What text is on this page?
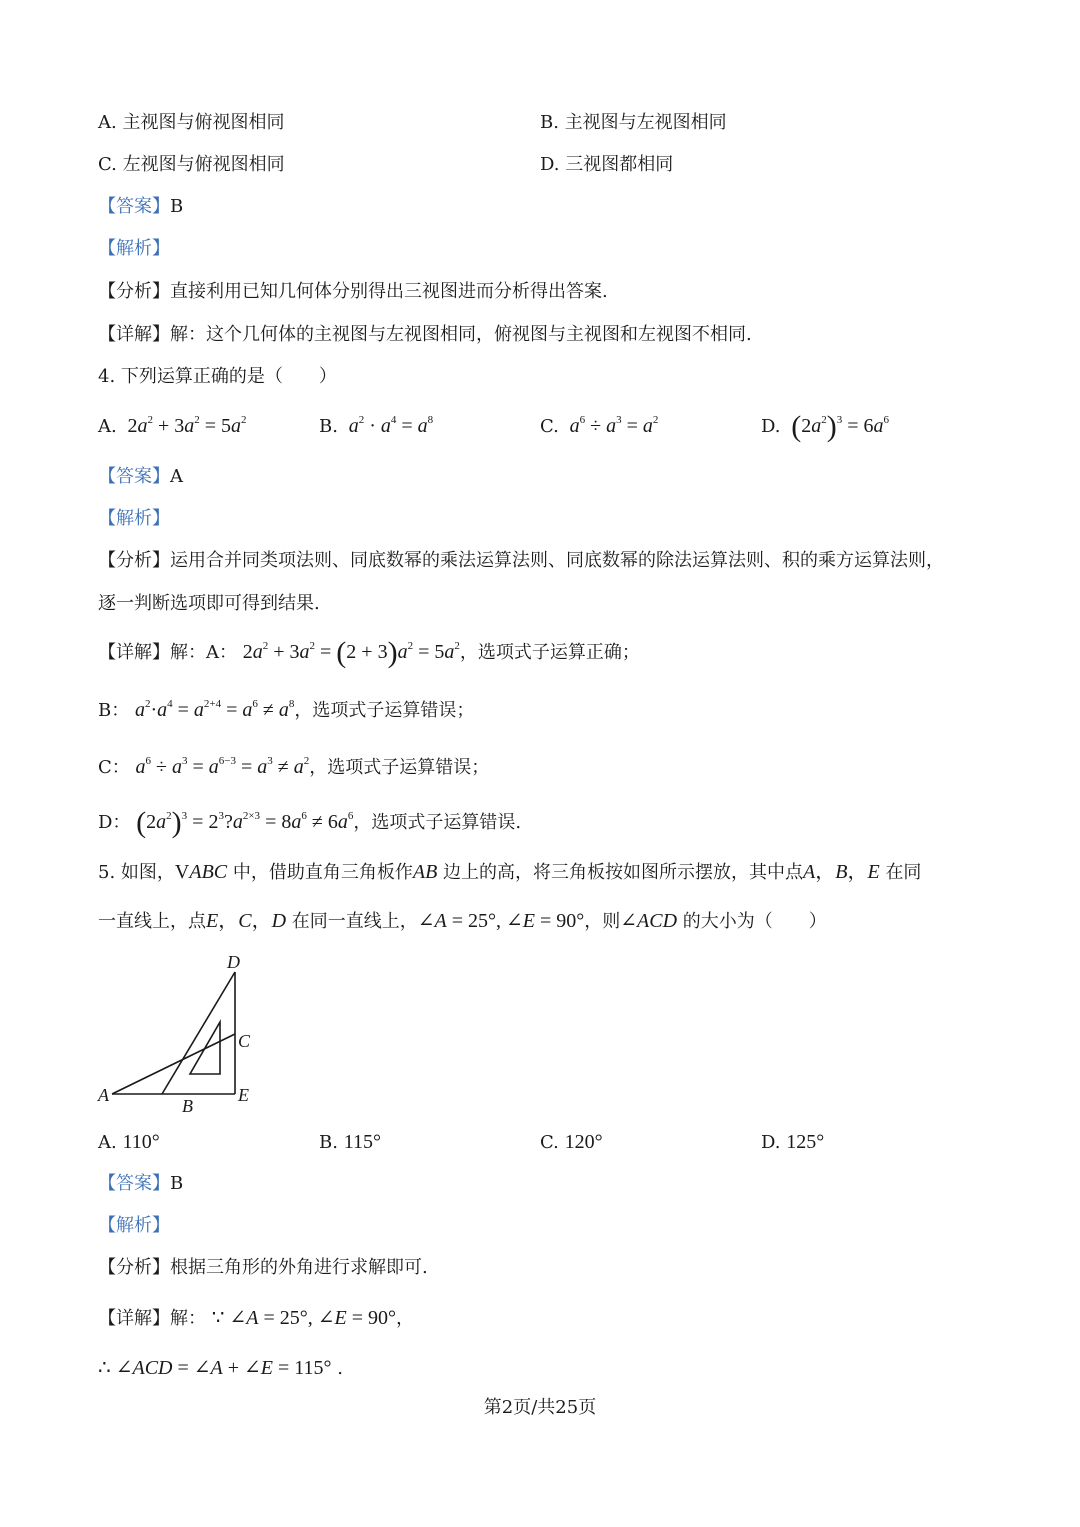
A. 主视图与俯视图相同	B. 主视图与左视图相同
C. 左视图与俯视图相同	D. 三视图都相同
【答案】B
【解析】
【分析】直接利用已知几何体分别得出三视图进而分析得出答案.
【详解】解：这个几何体的主视图与左视图相同，俯视图与主视图和左视图不相同.
4. 下列运算正确的是（　　）
A.  $2a^2 + 3a^2 = 5a^2$	B. $a^2 \cdot a^4 = a^8$	C. $a^6 \div a^3 = a^2$	D. $(2a^2)^3 = 6a^6$
【答案】A
【解析】
【分析】运用合并同类项法则、同底数幂的乘法运算法则、同底数幂的除法运算法则、积的乘方运算法则，
逐一判断选项即可得到结果.
【详解】解：A： $2a^2 + 3a^2 = (2 + 3)a^2 = 5a^2$，选项式子运算正确；
B： $a^2\cdot a^4 = a^{2+4} = a^6 \ne a^8$，选项式子运算错误；
C： $a^6 \div a^3 = a^{6-3} = a^3 \ne a^2$，选项式子运算错误；
D： $(2a^2)^3$ = $2^3?a^{2\times 3} = 8a^6 \ne 6a^6$，选项式子运算错误.
5. 如图，VABC 中，借助直角三角板作AB 边上的高，将三角板按如图所示摆放，其中点A，B，E 在同
一直线上，点E，C，D 在同一直线上，∠A = 25°, ∠E = 90°，则∠ACD 的大小为（　　）
D
C
A
B
E
A. 110°	B. 115°	C. 120°	D. 125°
【答案】B
【解析】
【分析】根据三角形的外角进行求解即可.
【详解】解： ∵ ∠A = 25°, ∠E = 90°，
∴ ∠ACD = ∠A + ∠E = 115° .
第2页/共25页
